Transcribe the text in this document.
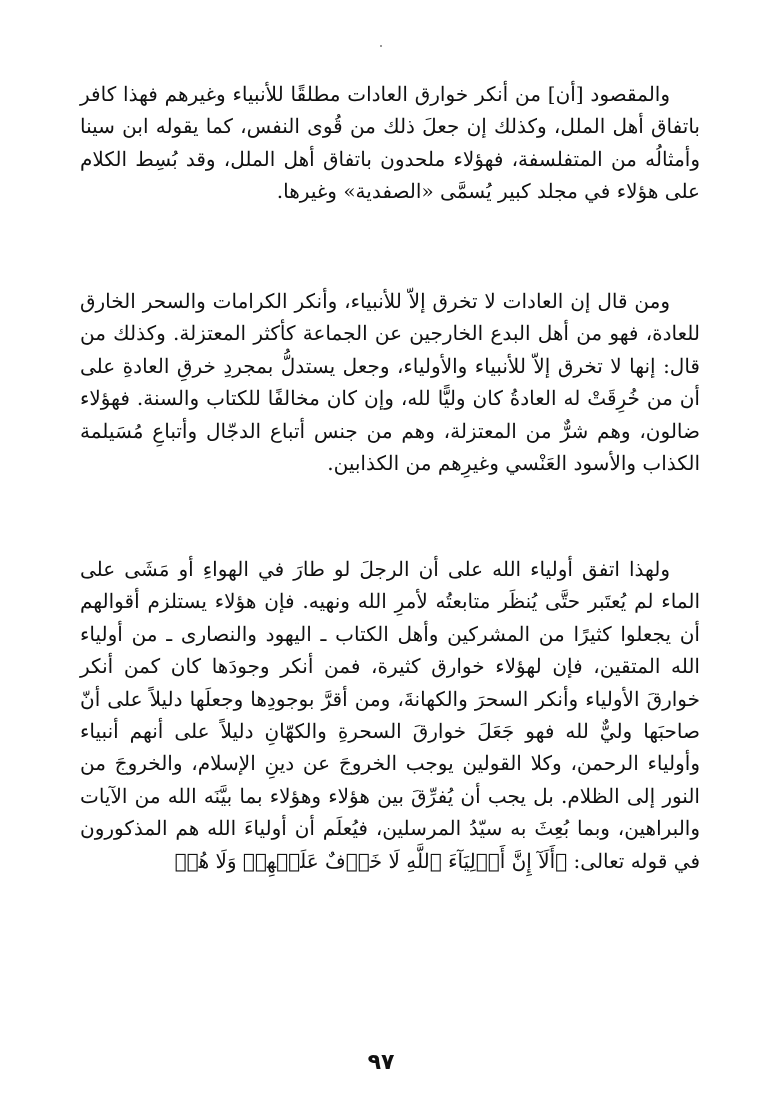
والمقصود [أن] من أنكر خوارق العادات مطلقًا للأنبياء وغيرهم فهذا كافر باتفاق أهل الملل، وكذلك إن جعلَ ذلك من قُوى النفس، كما يقوله ابن سينا وأمثالُه من المتفلسفة، فهؤلاء ملحدون باتفاق أهل الملل، وقد بُسِط الكلام على هؤلاء في مجلد كبير يُسمَّى «الصفدية» وغيرها.

ومن قال إن العادات لا تخرق إلاّ للأنبياء، وأنكر الكرامات والسحر الخارق للعادة، فهو من أهل البدع الخارجين عن الجماعة كأكثر المعتزلة. وكذلك من قال: إنها لا تخرق إلاّ للأنبياء والأولياء، وجعل يستدلُّ بمجردِ خرقِ العادةِ على أن من خُرِقَتْ له العادةُ كان وليًّا لله، وإن كان مخالفًا للكتاب والسنة. فهؤلاء ضالون، وهم شرٌّ من المعتزلة، وهم من جنس أتباع الدجّال وأتباعِ مُسَيلمة الكذاب والأسود العَنْسي وغيرِهم من الكذابين.

ولهذا اتفق أولياء الله على أن الرجلَ لو طارَ في الهواءِ أو مَشَى على الماء لم يُعتَبر حتَّى يُنظَر متابعتُه لأمرِ الله ونهيه. فإن هؤلاء يستلزم أقوالهم أن يجعلوا كثيرًا من المشركين وأهل الكتاب ـ اليهود والنصارى ـ من أولياء الله المتقين، فإن لهؤلاء خوارق كثيرة، فمن أنكر وجودَها كان كمن أنكر خوارقَ الأولياء وأنكر السحرَ والكهانةَ، ومن أقرَّ بوجودِها وجعلَها دليلاً على أنّ صاحبَها وليٌّ لله فهو جَعَلَ خوارقَ السحرةِ والكهّانِ دليلاً على أنهم أنبياء وأولياء الرحمن، وكلا القولين يوجب الخروجَ عن دينِ الإسلام، والخروجَ من النور إلى الظلام. بل يجب أن يُفرِّقَ بين هؤلاء وهؤلاء بما بيَّنَه الله من الآيات والبراهين، وبما بُعِثَ به سيّدُ المرسلين، فيُعلَم أن أولياءَ الله هم المذكورون في قوله تعالى: ﴿أَلَآ إِنَّ أَوۡلِيَآءَ ٱللَّهِ لَا خَوۡفٌ عَلَيۡهِمۡ وَلَا هُمۡ

٩٧
